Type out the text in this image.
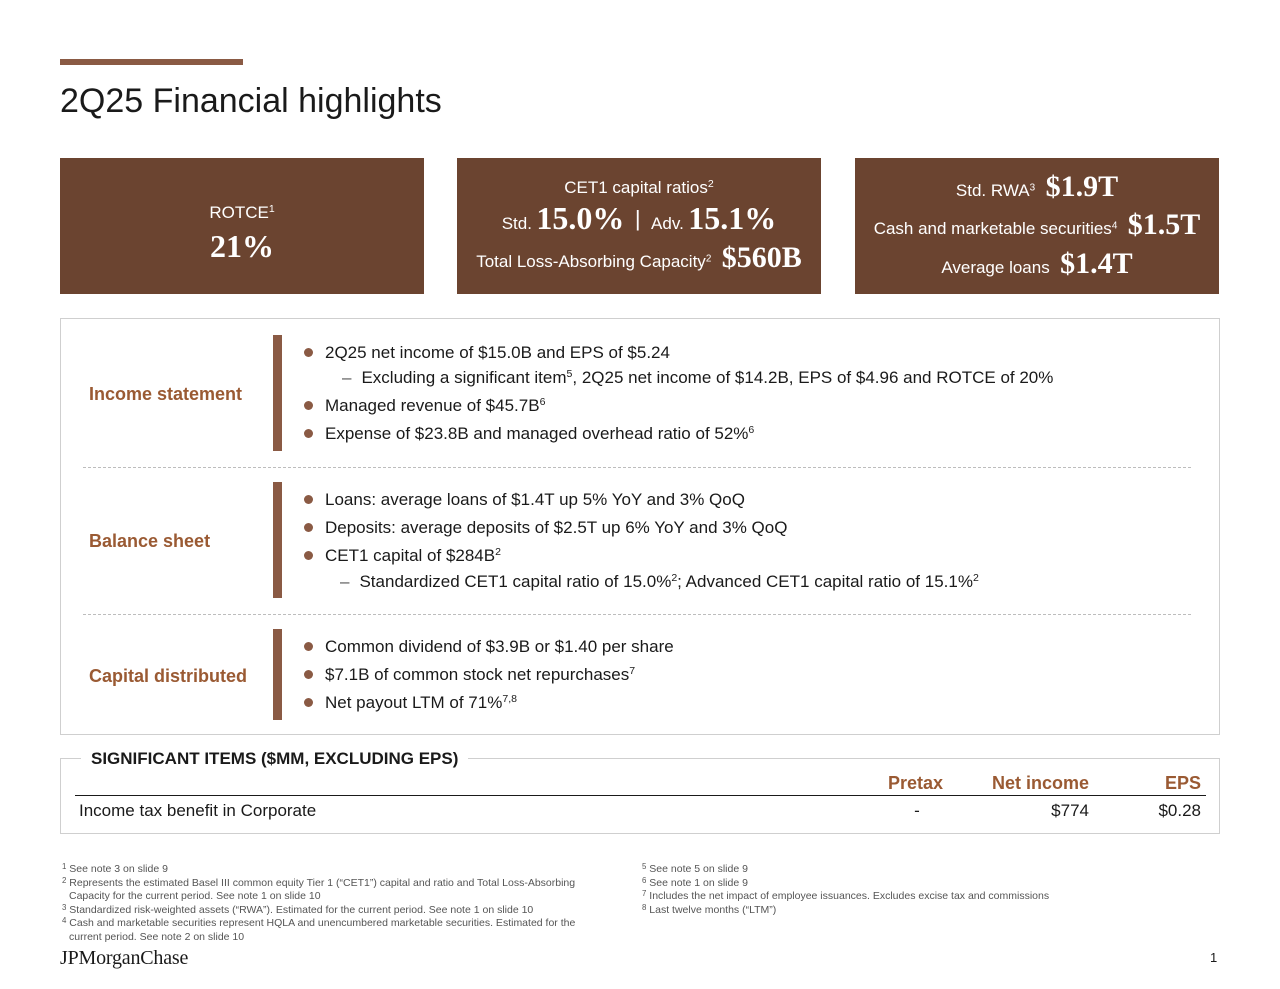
2Q25 Financial highlights
ROTCE$^1$
21%
CET1 capital ratios$^2$
Std. 15.0% | Adv. 15.1%
Total Loss-Absorbing Capacity$^2$ $560B
Std. RWA$^3$ $1.9T
Cash and marketable securities$^4$ $1.5T
Average loans $1.4T
Income statement
2Q25 net income of $15.0B and EPS of $5.24
– Excluding a significant item$^5$, 2Q25 net income of $14.2B, EPS of $4.96 and ROTCE of 20%
Managed revenue of $\$45.7B^6$
Expense of $23.8B and managed overhead ratio of 52%$^6$
Balance sheet
Loans: average loans of $1.4T up 5% YoY and 3% QoQ
Deposits: average deposits of $2.5T up 6% YoY and 3% QoQ
CET1 capital of $\$284B^2$
– Standardized CET1 capital ratio of 15.0%$^2$; Advanced CET1 capital ratio of 15.1%$^2$
Capital distributed
Common dividend of $3.9B or $1.40 per share
$7.1B of common stock net repurchases$^7$
Net payout LTM of 71%$^{7,8}$
SIGNIFICANT ITEMS ($MM, EXCLUDING EPS)
Pretax	Net income	EPS
Income tax benefit in Corporate	-	$774	$0.28
$^1$ See note 3 on slide 9
$^2$ Represents the estimated Basel III common equity Tier 1 (“CET1”) capital and ratio and Total Loss-Absorbing
Capacity for the current period. See note 1 on slide 10
$^3$ Standardized risk-weighted assets (“RWA”). Estimated for the current period. See note 1 on slide 10
$^4$ Cash and marketable securities represent HQLA and unencumbered marketable securities. Estimated for the
current period. See note 2 on slide 10
$^5$ See note 5 on slide 9
$^6$ See note 1 on slide 9
$^7$ Includes the net impact of employee issuances. Excludes excise tax and commissions
$^8$ Last twelve months (“LTM”)
JPMorganChase	1
